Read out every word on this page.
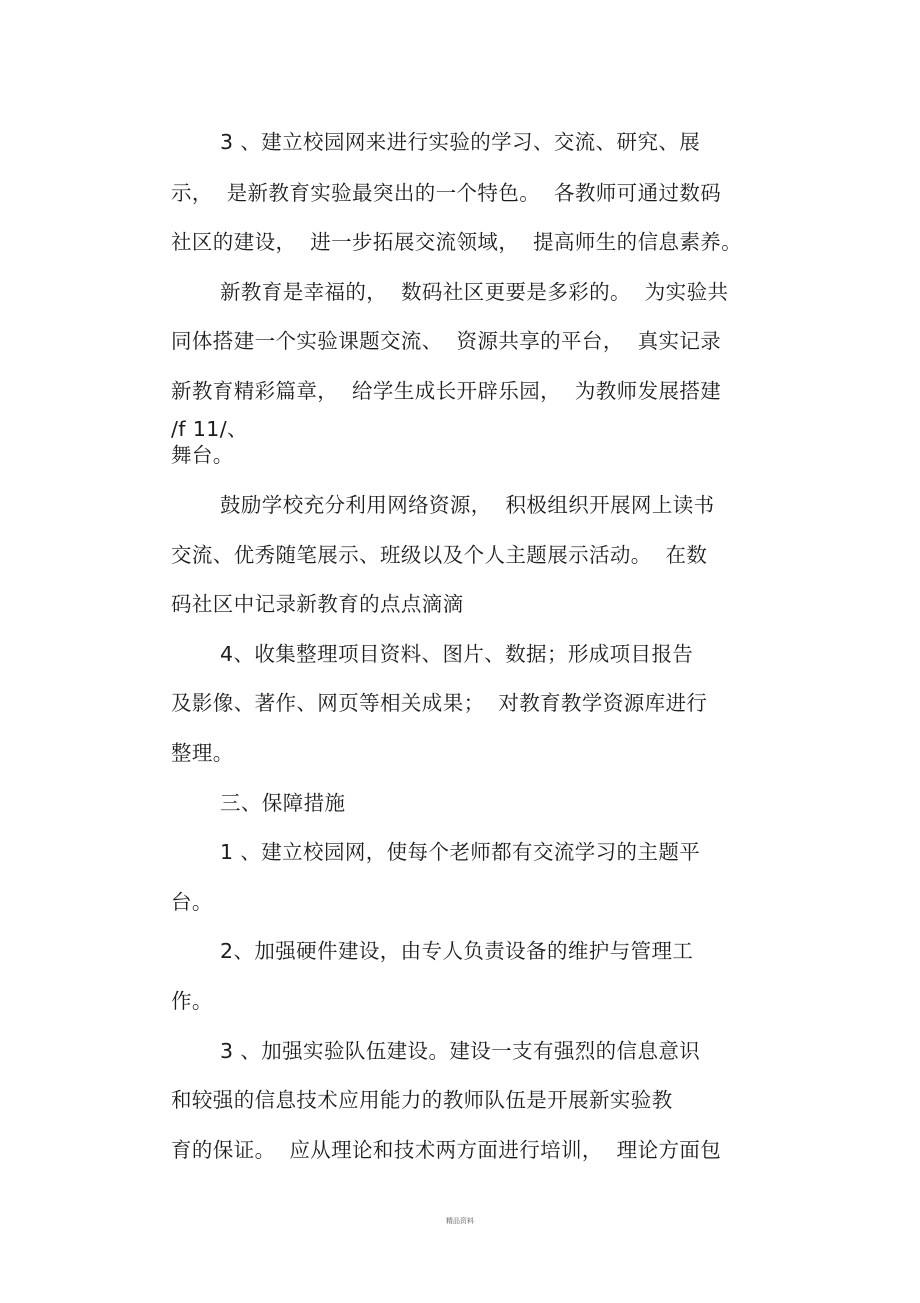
3 、建立校园网来进行实验的学习、交流、研究、展
示，  是新教育实验最突出的一个特色。  各教师可通过数码
社区的建设，  进一步拓展交流领域，  提高师生的信息素养。
新教育是幸福的，  数码社区更要是多彩的。  为实验共
同体搭建一个实验课题交流、  资源共享的平台，  真实记录
新教育精彩篇章，  给学生成长开辟乐园，  为教师发展搭建
/f 11/、
舞台。
鼓励学校充分利用网络资源，  积极组织开展网上读书
交流、优秀随笔展示、班级以及个人主题展示活动。  在数
码社区中记录新教育的点点滴滴
4、收集整理项目资料、图片、数据；形成项目报告
及影像、著作、网页等相关成果；  对教育教学资源库进行
整理。
三、保障措施
1 、建立校园网，使每个老师都有交流学习的主题平
台。
2、加强硬件建设，由专人负责设备的维护与管理工
作。
3 、加强实验队伍建设。建设一支有强烈的信息意识
和较强的信息技术应用能力的教师队伍是开展新实验教
育的保证。  应从理论和技术两方面进行培训，  理论方面包
精品资料
